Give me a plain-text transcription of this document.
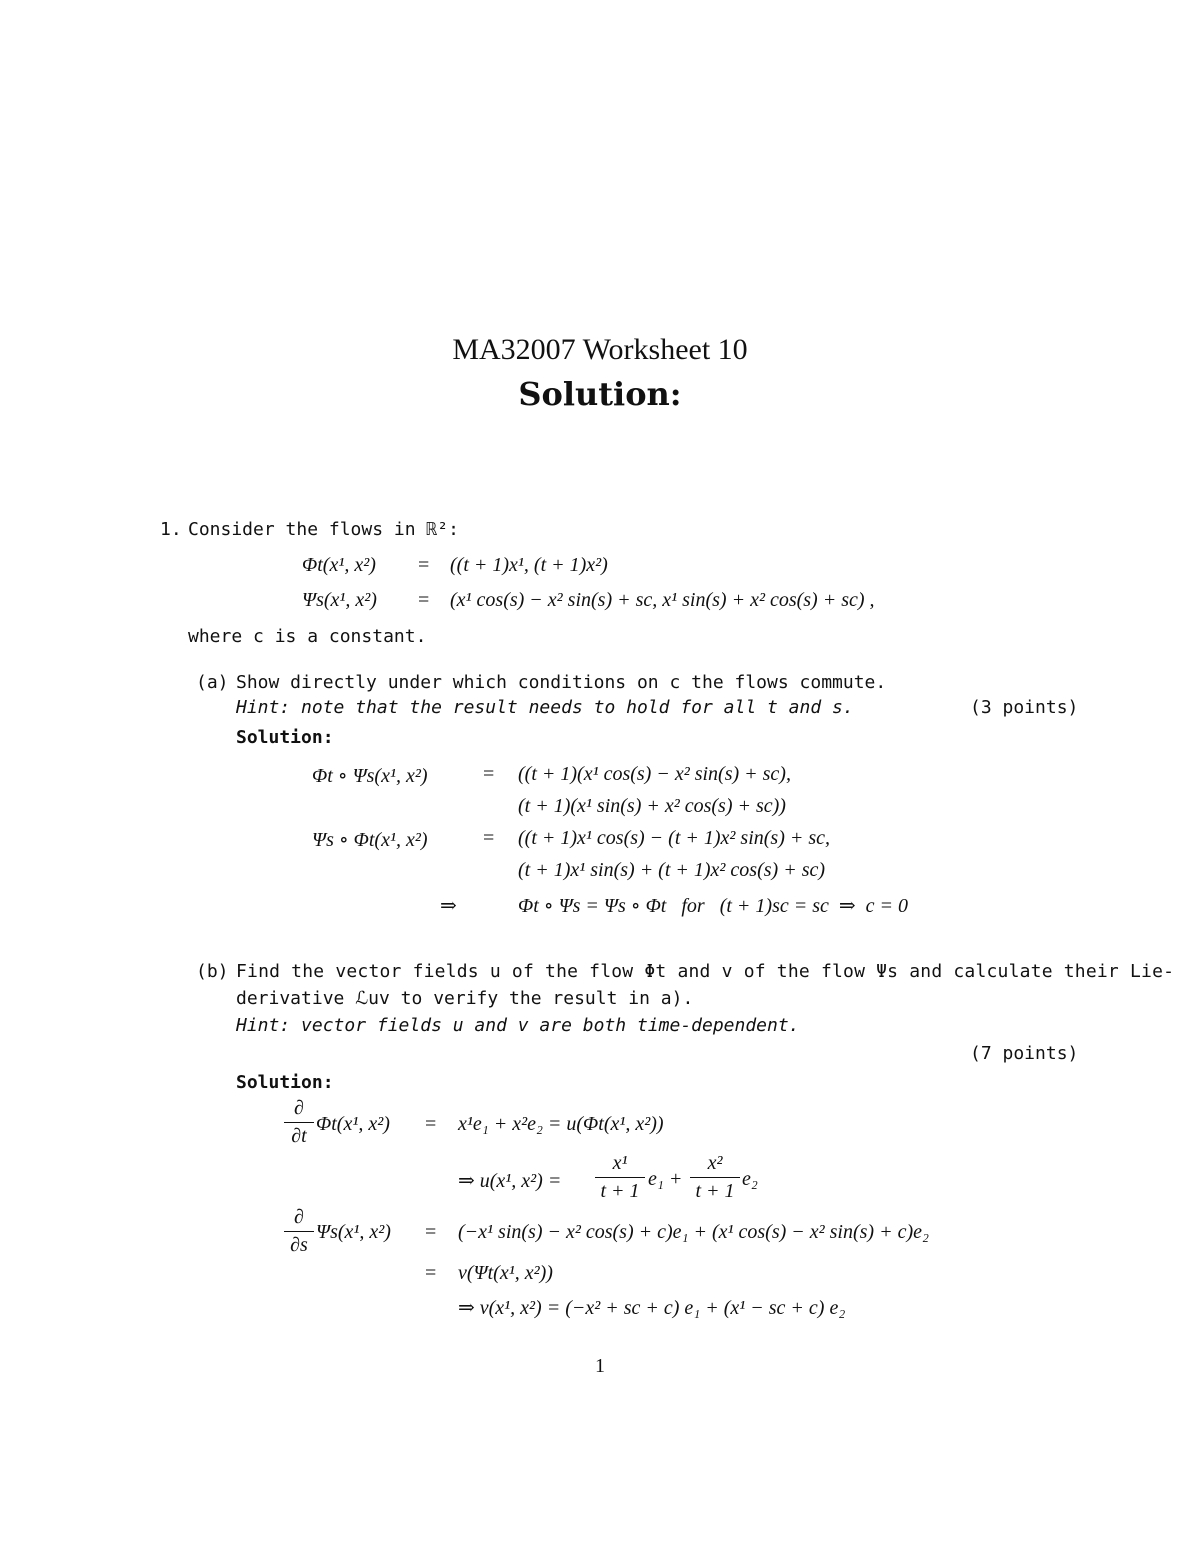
MA32007 Worksheet 10
Solution:
1. Consider the flows in ℝ²:
Φt(x¹, x²) = ((t + 1)x¹, (t + 1)x²)
Ψs(x¹, x²) = (x¹ cos(s) − x² sin(s) + sc, x¹ sin(s) + x² cos(s) + sc) ,
where c is a constant.
(a) Show directly under which conditions on c the flows commute.
Hint: note that the result needs to hold for all t and s.	(3 points)
Solution:
Φt ∘ Ψs(x¹, x²)	= ((t + 1)(x¹ cos(s) − x² sin(s) + sc),
(t + 1)(x¹ sin(s) + x² cos(s) + sc))
Ψs ∘ Φt(x¹, x²)	= ((t + 1)x¹ cos(s) − (t + 1)x² sin(s) + sc,
(t + 1)x¹ sin(s) + (t + 1)x² cos(s) + sc)
⇒	Φt ∘ Ψs = Ψs ∘ Φt   for   (t + 1)sc = sc  ⇒  c = 0
(b) Find the vector fields u of the flow Φt and v of the flow Ψs and calculate their Lie-
derivative ℒuv to verify the result in a).
Hint: vector fields u and v are both time-dependent.
(7 points)
Solution:
∂
∂t
Φt(x¹, x²) = x¹e₁ + x²e₂ = u(Φt(x¹, x²))
⇒ u(x¹, x²) =
x¹
t + 1
e₁ +
x²
t + 1
e₂
∂
∂s
Ψs(x¹, x²) = (−x¹ sin(s) − x² cos(s) + c)e₁ + (x¹ cos(s) − x² sin(s) + c)e₂
= v(Ψt(x¹, x²))
⇒ v(x¹, x²) = (−x² + sc + c) e₁ + (x¹ − sc + c) e₂
1
